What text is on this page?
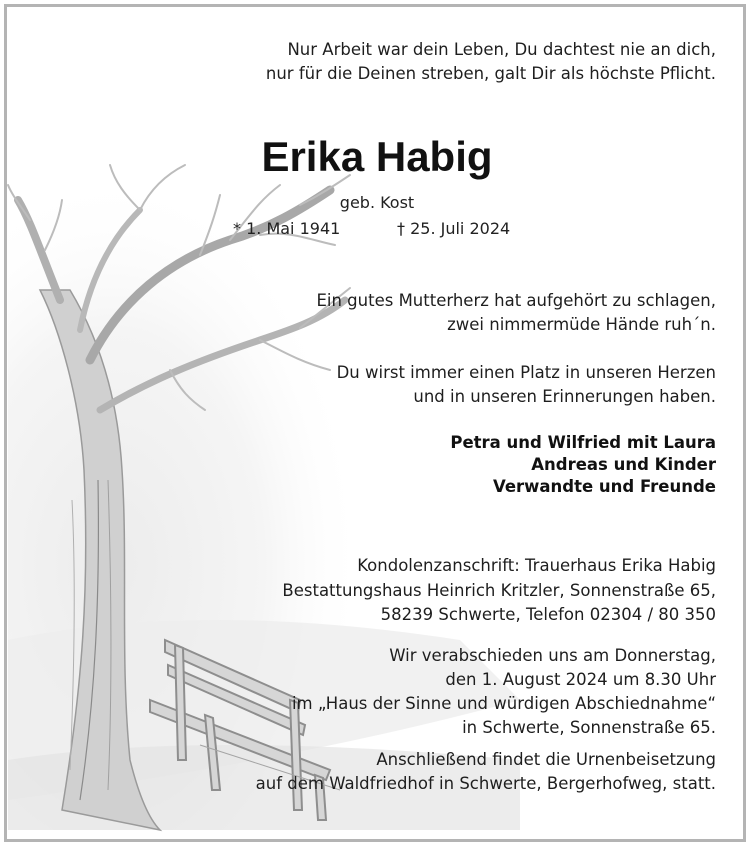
Nur Arbeit war dein Leben, Du dachtest nie an dich,
nur für die Deinen streben, galt Dir als höchste Pflicht.
Erika Habig
geb. Kost
* 1. Mai 1941	† 25. Juli 2024
Ein gutes Mutterherz hat aufgehört zu schlagen,
zwei nimmermüde Hände ruh´n.
Du wirst immer einen Platz in unseren Herzen
und in unseren Erinnerungen haben.
Petra und Wilfried mit Laura
Andreas und Kinder
Verwandte und Freunde
Kondolenzanschrift: Trauerhaus Erika Habig
Bestattungshaus Heinrich Kritzler, Sonnenstraße 65,
58239 Schwerte, Telefon 02304 / 80 350
Wir verabschieden uns am Donnerstag,
den 1. August 2024 um 8.30 Uhr
im „Haus der Sinne und würdigen Abschiednahme“
in Schwerte, Sonnenstraße 65.
Anschließend findet die Urnenbeisetzung
auf dem Waldfriedhof in Schwerte, Bergerhofweg, statt.
